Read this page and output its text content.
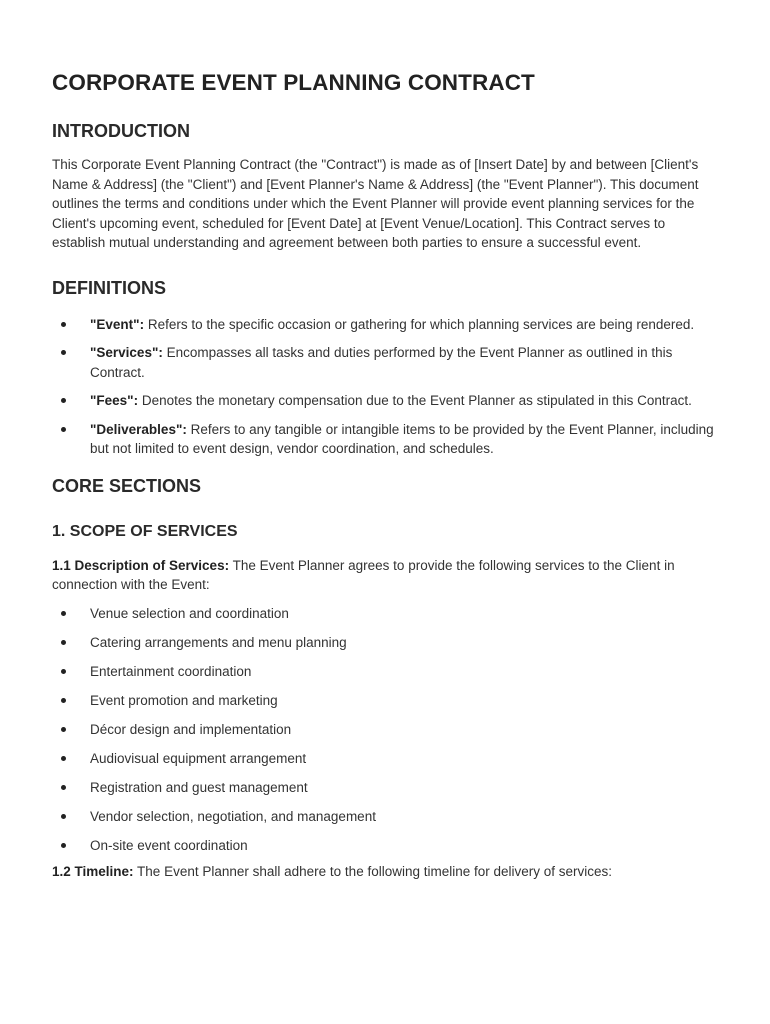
CORPORATE EVENT PLANNING CONTRACT
INTRODUCTION

This Corporate Event Planning Contract (the "Contract") is made as of [Insert Date] by and between [Client's Name & Address] (the "Client") and [Event Planner's Name & Address] (the "Event Planner"). This document outlines the terms and conditions under which the Event Planner will provide event planning services for the Client's upcoming event, scheduled for [Event Date] at [Event Venue/Location]. This Contract serves to establish mutual understanding and agreement between both parties to ensure a successful event.

DEFINITIONS
"Event": Refers to the specific occasion or gathering for which planning services are being rendered.
"Services": Encompasses all tasks and duties performed by the Event Planner as outlined in this Contract.
"Fees": Denotes the monetary compensation due to the Event Planner as stipulated in this Contract.
"Deliverables": Refers to any tangible or intangible items to be provided by the Event Planner, including but not limited to event design, vendor coordination, and schedules.
CORE SECTIONS
1. SCOPE OF SERVICES

1.1 Description of Services: The Event Planner agrees to provide the following services to the Client in connection with the Event:

Venue selection and coordination
Catering arrangements and menu planning
Entertainment coordination
Event promotion and marketing
Décor design and implementation
Audiovisual equipment arrangement
Registration and guest management
Vendor selection, negotiation, and management
On-site event coordination

1.2 Timeline: The Event Planner shall adhere to the following timeline for delivery of services:
